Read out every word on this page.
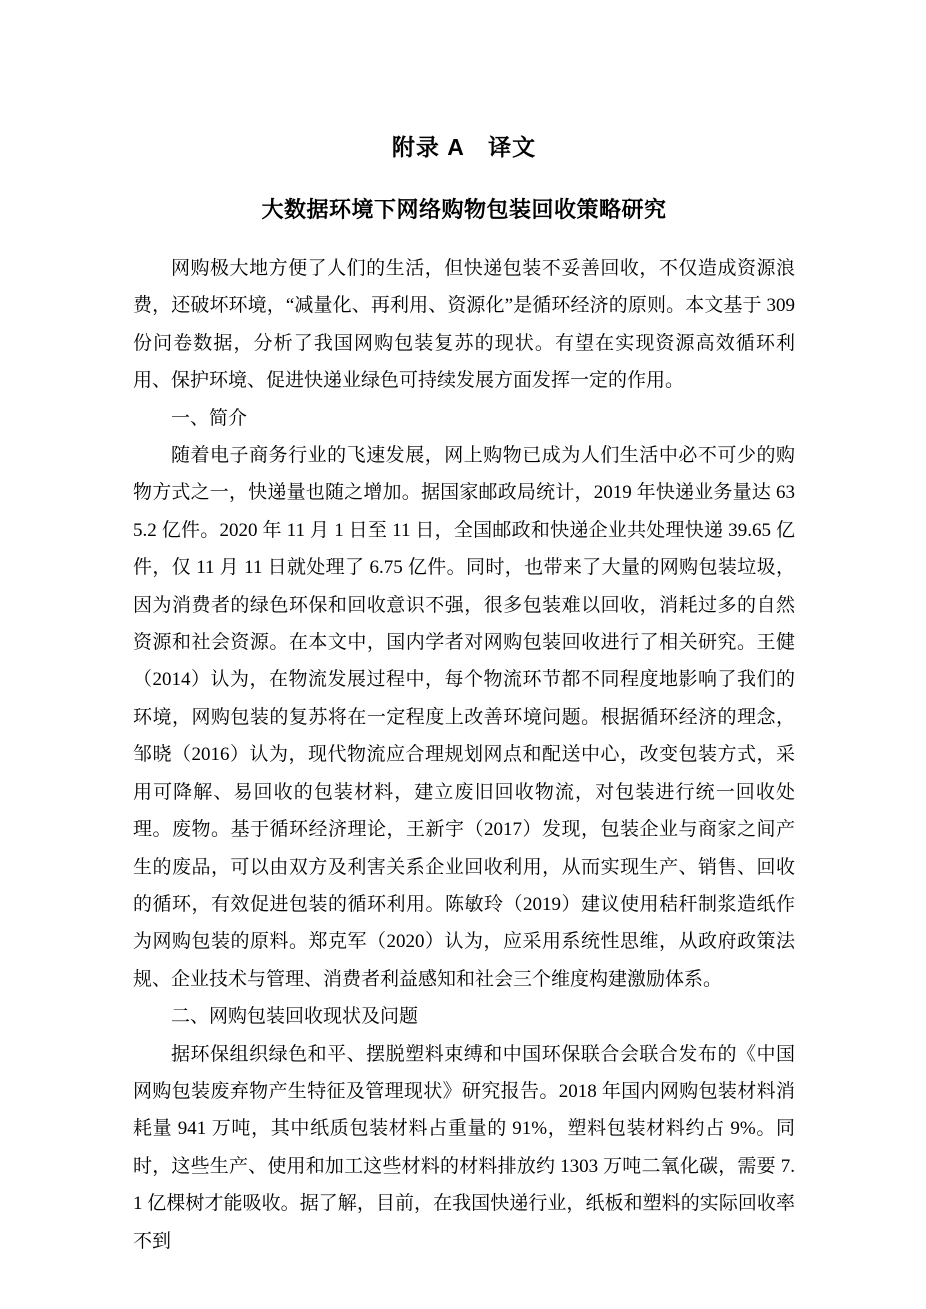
附录 A　译文
大数据环境下网络购物包装回收策略研究

网购极大地方便了人们的生活，但快递包装不妥善回收，不仅造成资源浪费，还破坏环境，“减量化、再利用、资源化”是循环经济的原则。本文基于 309 份问卷数据，分析了我国网购包装复苏的现状。有望在实现资源高效循环利用、保护环境、促进快递业绿色可持续发展方面发挥一定的作用。

一、简介

随着电子商务行业的飞速发展，网上购物已成为人们生活中必不可少的购物方式之一，快递量也随之增加。据国家邮政局统计，2019 年快递业务量达 635.2 亿件。2020 年 11 月 1 日至 11 日，全国邮政和快递企业共处理快递 39.65 亿件，仅 11 月 11 日就处理了 6.75 亿件。同时，也带来了大量的网购包装垃圾，因为消费者的绿色环保和回收意识不强，很多包装难以回收，消耗过多的自然资源和社会资源。在本文中，国内学者对网购包装回收进行了相关研究。王健（2014）认为，在物流发展过程中，每个物流环节都不同程度地影响了我们的环境，网购包装的复苏将在一定程度上改善环境问题。根据循环经济的理念，邹晓（2016）认为，现代物流应合理规划网点和配送中心，改变包装方式，采用可降解、易回收的包装材料，建立废旧回收物流，对包装进行统一回收处理。废物。基于循环经济理论，王新宇（2017）发现，包装企业与商家之间产生的废品，可以由双方及利害关系企业回收利用，从而实现生产、销售、回收的循环，有效促进包装的循环利用。陈敏玲（2019）建议使用秸秆制浆造纸作为网购包装的原料。郑克军（2020）认为，应采用系统性思维，从政府政策法规、企业技术与管理、消费者利益感知和社会三个维度构建激励体系。

二、网购包装回收现状及问题

据环保组织绿色和平、摆脱塑料束缚和中国环保联合会联合发布的《中国网购包装废弃物产生特征及管理现状》研究报告。2018 年国内网购包装材料消耗量 941 万吨，其中纸质包装材料占重量的 91%，塑料包装材料约占 9%。同时，这些生产、使用和加工这些材料的材料排放约 1303 万吨二氧化碳，需要 7.1 亿棵树才能吸收。据了解，目前，在我国快递行业，纸板和塑料的实际回收率不到
